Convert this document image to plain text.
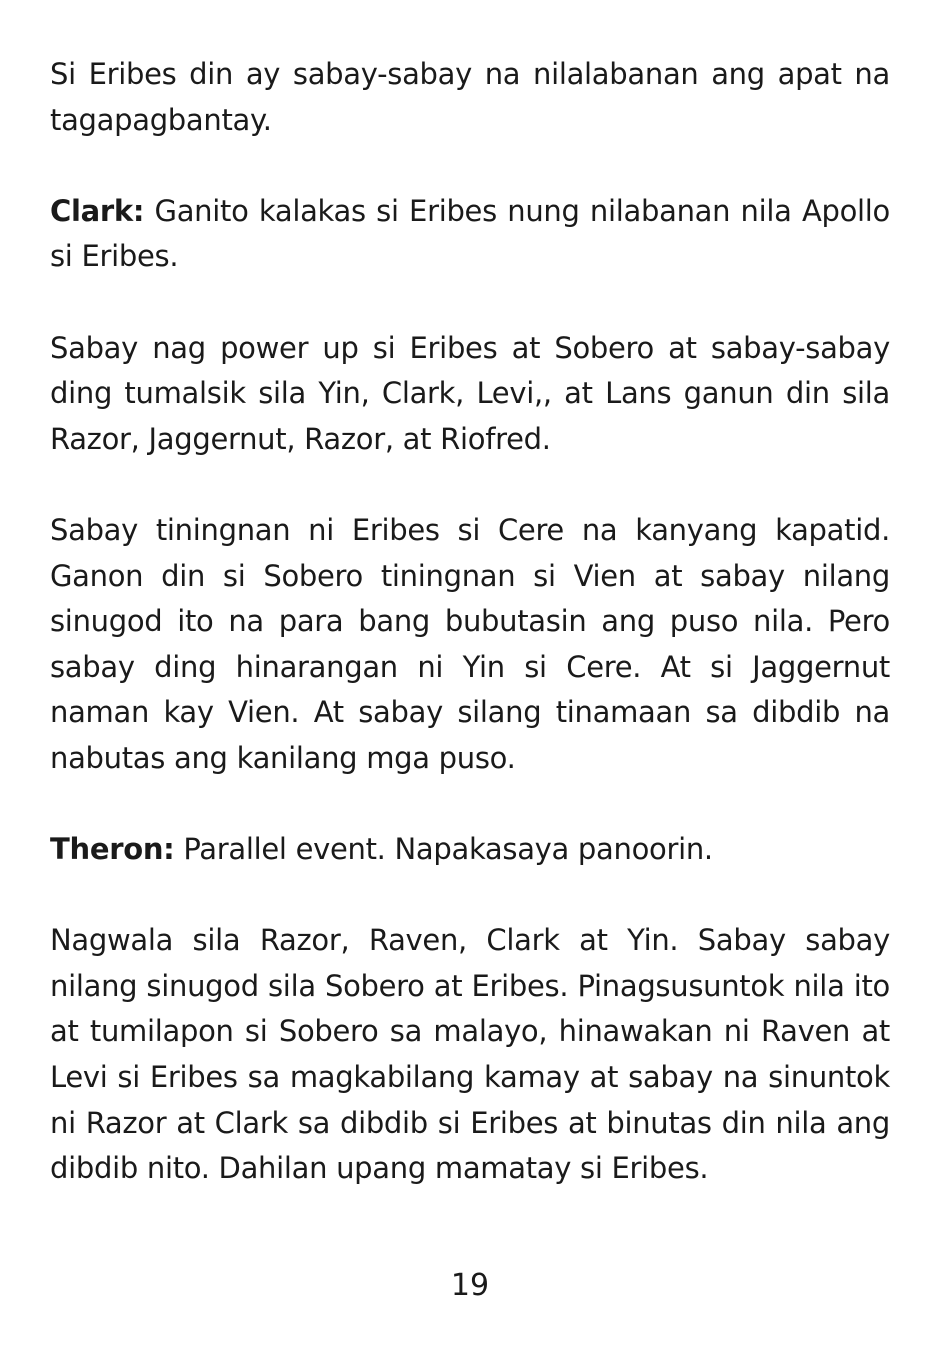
Si Eribes din ay sabay-sabay na nilalabanan ang apat na tagapagbantay.

Clark: Ganito kalakas si Eribes nung nilabanan nila Apollo si Eribes.

Sabay nag power up si Eribes at Sobero at sabay-sabay ding tumalsik sila Yin, Clark, Levi,, at Lans ganun din sila Razor, Jaggernut, Razor, at Riofred.

Sabay tiningnan ni Eribes si Cere na kanyang kapatid. Ganon din si Sobero tiningnan si Vien at sabay nilang sinugod ito na para bang bubutasin ang puso nila. Pero sabay ding hinarangan ni Yin si Cere. At si Jaggernut naman kay Vien. At sabay silang tinamaan sa dibdib na nabutas ang kanilang mga puso.

Theron: Parallel event. Napakasaya panoorin.

Nagwala sila Razor, Raven, Clark at Yin. Sabay sabay nilang sinugod sila Sobero at Eribes. Pinagsusuntok nila ito at tumilapon si Sobero sa malayo, hinawakan ni Raven at Levi si Eribes sa magkabilang kamay at sabay na sinuntok ni Razor at Clark sa dibdib si Eribes at binutas din nila ang dibdib nito. Dahilan upang mamatay si Eribes.

19
